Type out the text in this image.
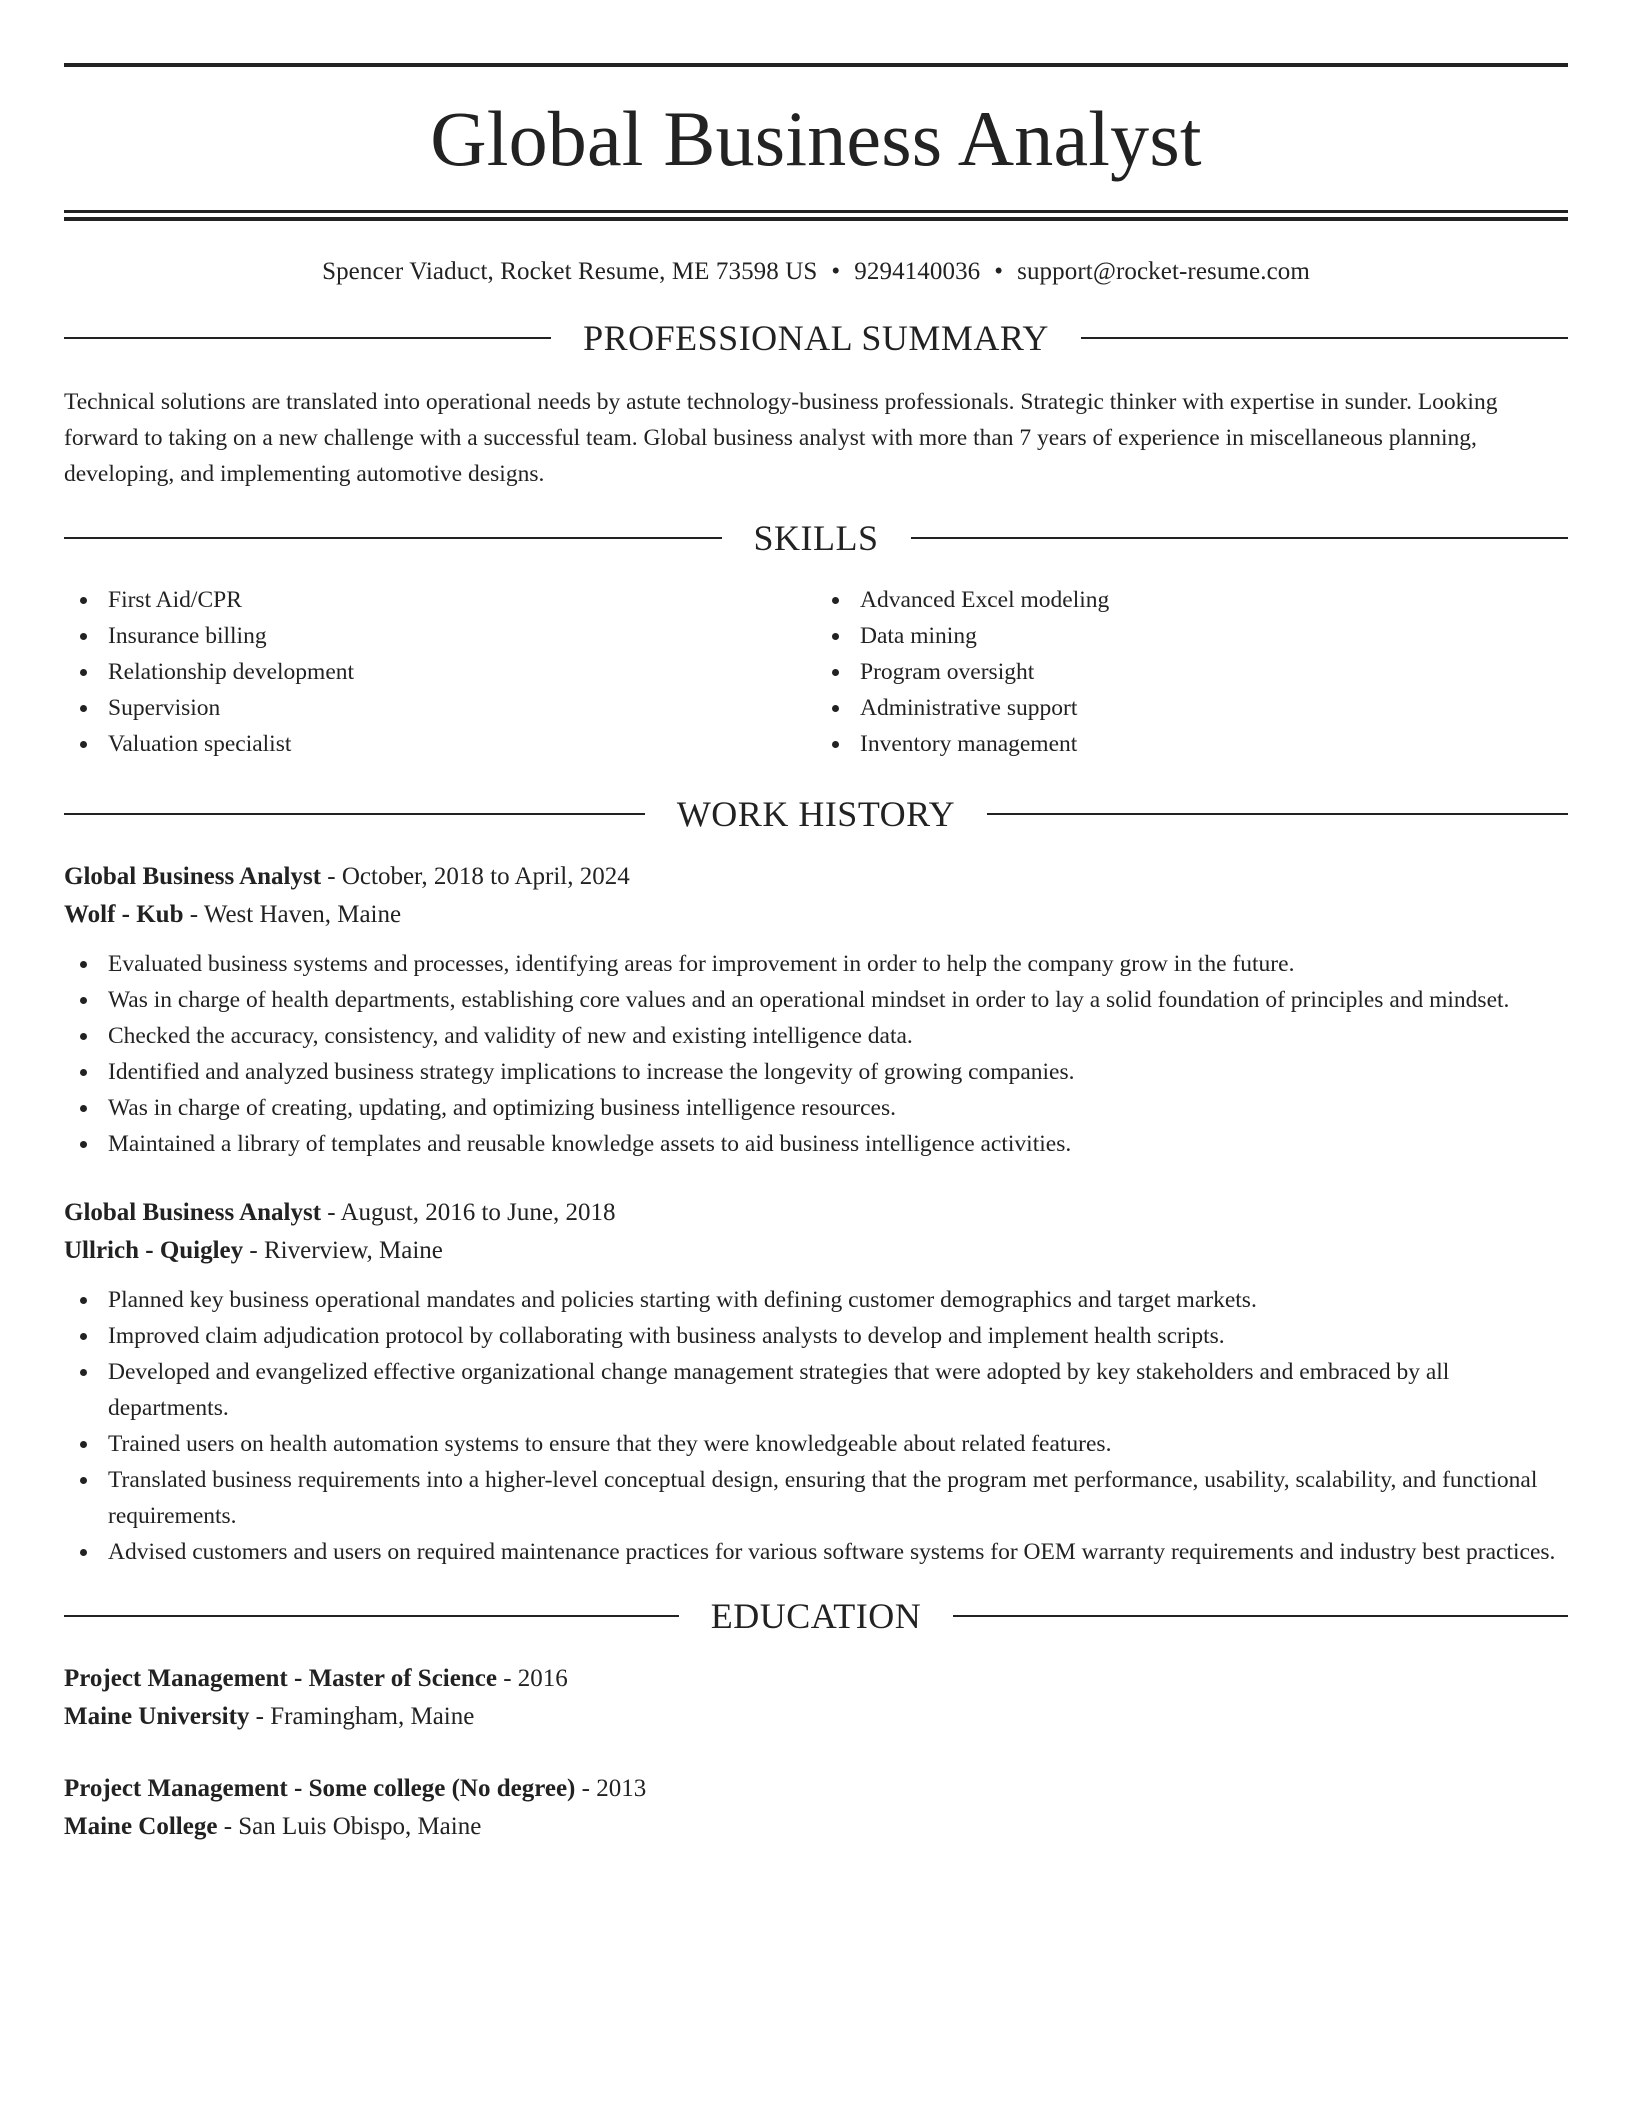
Global Business Analyst
Spencer Viaduct, Rocket Resume, ME 73598 US • 9294140036 • support@rocket-resume.com
PROFESSIONAL SUMMARY

Technical solutions are translated into operational needs by astute technology-business professionals. Strategic thinker with expertise in sunder. Looking forward to taking on a new challenge with a successful team. Global business analyst with more than 7 years of experience in miscellaneous planning, developing, and implementing automotive designs.

SKILLS
First Aid/CPR
Insurance billing
Relationship development
Supervision
Valuation specialist
Advanced Excel modeling
Data mining
Program oversight
Administrative support
Inventory management
WORK HISTORY
Global Business Analyst - October, 2018 to April, 2024
Wolf - Kub - West Haven, Maine
Evaluated business systems and processes, identifying areas for improvement in order to help the company grow in the future.
Was in charge of health departments, establishing core values and an operational mindset in order to lay a solid foundation of principles and mindset.
Checked the accuracy, consistency, and validity of new and existing intelligence data.
Identified and analyzed business strategy implications to increase the longevity of growing companies.
Was in charge of creating, updating, and optimizing business intelligence resources.
Maintained a library of templates and reusable knowledge assets to aid business intelligence activities.
Global Business Analyst - August, 2016 to June, 2018
Ullrich - Quigley - Riverview, Maine
Planned key business operational mandates and policies starting with defining customer demographics and target markets.
Improved claim adjudication protocol by collaborating with business analysts to develop and implement health scripts.
Developed and evangelized effective organizational change management strategies that were adopted by key stakeholders and embraced by all departments.
Trained users on health automation systems to ensure that they were knowledgeable about related features.
Translated business requirements into a higher-level conceptual design, ensuring that the program met performance, usability, scalability, and functional requirements.
Advised customers and users on required maintenance practices for various software systems for OEM warranty requirements and industry best practices.
EDUCATION
Project Management - Master of Science - 2016
Maine University - Framingham, Maine
Project Management - Some college (No degree) - 2013
Maine College - San Luis Obispo, Maine
